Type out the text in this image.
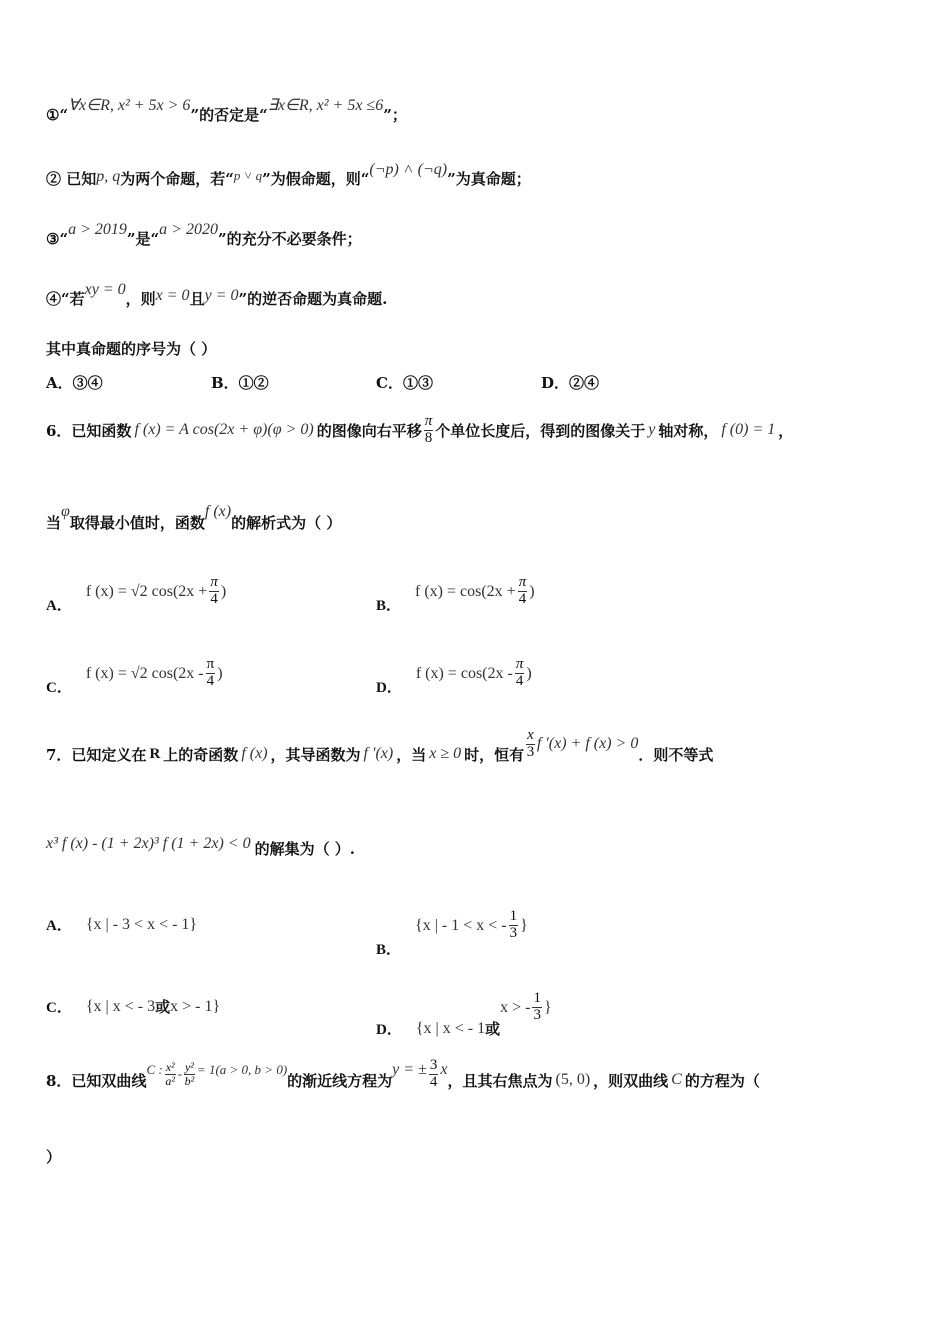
①“
∀x∈R, x² + 5x > 6
”的否定是“
∃x∈R, x² + 5x ≤6
”；
② 已知 p, q 为两个命题，若“ p ˅ q ”为假命题，则“
(¬p) ˄ (¬q)
”为真命题；
③“
a > 2019
”是“
a > 2020
”的充分不必要条件；
④“若
xy = 0
，则 x = 0 且 y = 0 ”的逆否命题为真命题.
其中真命题的序号为（ ）
A．③④	B．①②	C．①③	D．②④
6．已知函数 f (x) = A cos(2x + φ)(φ > 0) 的图像向右平移 $\frac{\pi}{8}$ 个单位长度后，得到的图像关于 y 轴对称， f (0) = 1 ，
当
φ
取得最小值时，函数
f (x)
的解析式为（ ）
A．
f (x) = √2 $\cos(2x + \frac{\pi}{4}$ )
B．
f $(x) = \cos(2x + \frac{\pi}{4}$ )
C．
f (x) = √2 $\cos(2x - \frac{\pi}{4}$ )
D．
f $(x) = \cos(2x - \frac{\pi}{4}$ )
7．已知定义在 R 上的奇函数 f (x) ，其导函数为 f ′(x) ，当 x ≥ 0 时，恒有 $\frac{x}{3}$ f ′(x) + f (x) > 0
．则不等式
x³ f (x) - (1 + 2x)³ f (1 + 2x) < 0 的解集为（ ）.
A． {x | - 3 < x < - 1}
B．
{x | - 1 < x < - $\frac{1}{3}$ }
C． {x | x < - 3 或 x > - 1}
D． {x | x < - 1 或
x > - $\frac{1}{3}$ }
8．已知双曲线
C : $\frac{\text{x²}}{\text{a²}} - \frac{\text{y²}}{\text{b²}} = 1(a > 0$, b > 0)
的渐近线方程为
y = ± $\frac{3}{4}$ x
，且其右焦点为 (5, 0) ，则双曲线 C 的方程为（
）
